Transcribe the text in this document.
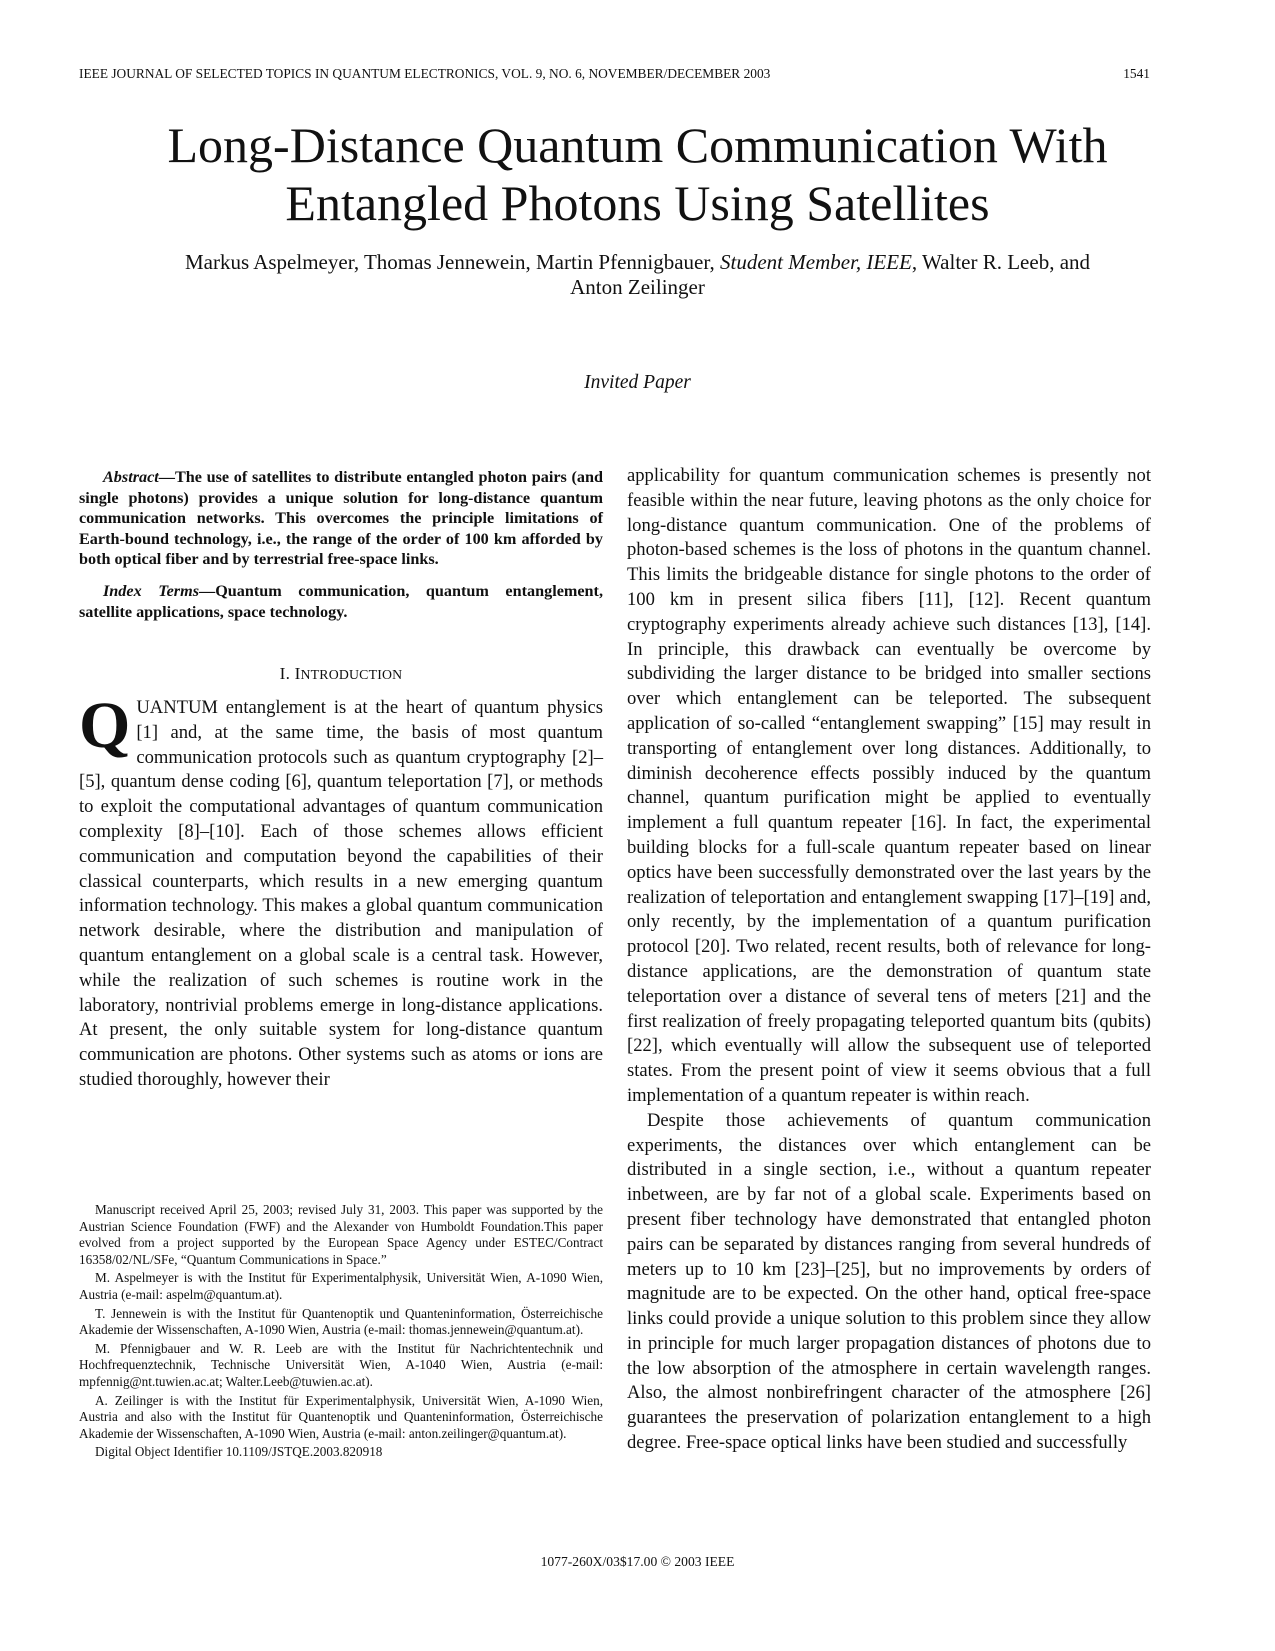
IEEE JOURNAL OF SELECTED TOPICS IN QUANTUM ELECTRONICS, VOL. 9, NO. 6, NOVEMBER/DECEMBER 2003	1541
Long-Distance Quantum Communication With
Entangled Photons Using Satellites
Markus Aspelmeyer, Thomas Jennewein, Martin Pfennigbauer, Student Member, IEEE, Walter R. Leeb, and
Anton Zeilinger
Invited Paper

Abstract—The use of satellites to distribute entangled photon pairs (and single photons) provides a unique solution for long-distance quantum communication networks. This overcomes the principle limitations of Earth-bound technology, i.e., the range of the order of 100 km afforded by both optical fiber and by terrestrial free-space links.

Index Terms—Quantum communication, quantum entanglement, satellite applications, space technology.

I. INTRODUCTION

QUANTUM entanglement is at the heart of quantum physics [1] and, at the same time, the basis of most quantum communication protocols such as quantum cryptography [2]–[5], quantum dense coding [6], quantum teleportation [7], or methods to exploit the computational advantages of quantum communication complexity [8]–[10]. Each of those schemes allows efficient communication and computation beyond the capabilities of their classical counterparts, which results in a new emerging quantum information technology. This makes a global quantum communication network desirable, where the distribution and manipulation of quantum entanglement on a global scale is a central task. However, while the realization of such schemes is routine work in the laboratory, nontrivial problems emerge in long-distance applications. At present, the only suitable system for long-distance quantum communication are photons. Other systems such as atoms or ions are studied thoroughly, however their

Manuscript received April 25, 2003; revised July 31, 2003. This paper was supported by the Austrian Science Foundation (FWF) and the Alexander von Humboldt Foundation.This paper evolved from a project supported by the European Space Agency under ESTEC/Contract 16358/02/NL/SFe, “Quantum Communications in Space.”

M. Aspelmeyer is with the Institut für Experimentalphysik, Universität Wien, A-1090 Wien, Austria (e-mail: aspelm@quantum.at).

T. Jennewein is with the Institut für Quantenoptik und Quanteninformation, Österreichische Akademie der Wissenschaften, A-1090 Wien, Austria (e-mail: thomas.jennewein@quantum.at).

M. Pfennigbauer and W. R. Leeb are with the Institut für Nachrichtentechnik und Hochfrequenztechnik, Technische Universität Wien, A-1040 Wien, Austria (e-mail: mpfennig@nt.tuwien.ac.at; Walter.Leeb@tuwien.ac.at).

A. Zeilinger is with the Institut für Experimentalphysik, Universität Wien, A-1090 Wien, Austria and also with the Institut für Quantenoptik und Quanteninformation, Österreichische Akademie der Wissenschaften, A-1090 Wien, Austria (e-mail: anton.zeilinger@quantum.at).

Digital Object Identifier 10.1109/JSTQE.2003.820918

applicability for quantum communication schemes is presently not feasible within the near future, leaving photons as the only choice for long-distance quantum communication. One of the problems of photon-based schemes is the loss of photons in the quantum channel. This limits the bridgeable distance for single photons to the order of 100 km in present silica fibers [11], [12]. Recent quantum cryptography experiments already achieve such distances [13], [14]. In principle, this drawback can eventually be overcome by subdividing the larger distance to be bridged into smaller sections over which entanglement can be teleported. The subsequent application of so-called “entanglement swapping” [15] may result in transporting of entanglement over long distances. Additionally, to diminish decoherence effects possibly induced by the quantum channel, quantum purification might be applied to eventually implement a full quantum repeater [16]. In fact, the experimental building blocks for a full-scale quantum repeater based on linear optics have been successfully demonstrated over the last years by the realization of teleportation and entanglement swapping [17]–[19] and, only recently, by the implementation of a quantum purification protocol [20]. Two related, recent results, both of relevance for long-distance applications, are the demonstration of quantum state teleportation over a distance of several tens of meters [21] and the first realization of freely propagating teleported quantum bits (qubits) [22], which eventually will allow the subsequent use of teleported states. From the present point of view it seems obvious that a full implementation of a quantum repeater is within reach.

Despite those achievements of quantum communication experiments, the distances over which entanglement can be distributed in a single section, i.e., without a quantum repeater inbetween, are by far not of a global scale. Experiments based on present fiber technology have demonstrated that entangled photon pairs can be separated by distances ranging from several hundreds of meters up to 10 km [23]–[25], but no improvements by orders of magnitude are to be expected. On the other hand, optical free-space links could provide a unique solution to this problem since they allow in principle for much larger propagation distances of photons due to the low absorption of the atmosphere in certain wavelength ranges. Also, the almost nonbirefringent character of the atmosphere [26] guarantees the preservation of polarization entanglement to a high degree. Free-space optical links have been studied and successfully

1077-260X/03$17.00 © 2003 IEEE
